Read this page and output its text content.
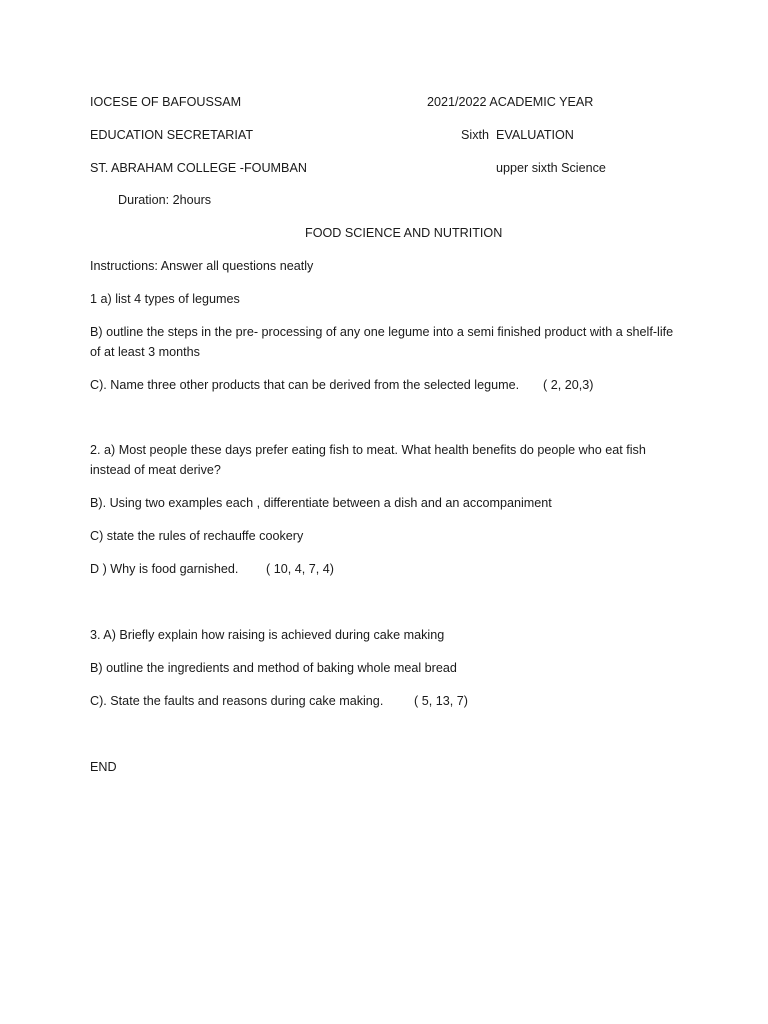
IOCESE OF BAFOUSSAM	2021/2022 ACADEMIC YEAR
EDUCATION SECRETARIAT	Sixth  EVALUATION
ST. ABRAHAM COLLEGE -FOUMBAN	upper sixth Science
Duration: 2hours
FOOD SCIENCE AND NUTRITION
Instructions: Answer all questions neatly
1 a) list 4 types of legumes
B) outline the steps in the pre- processing of any one legume into a semi finished product with a shelf-life of at least 3 months
C). Name three other products that can be derived from the selected legume. ( 2, 20,3)
2. a) Most people these days prefer eating fish to meat. What health benefits do people who eat fish instead of meat derive?
B). Using two examples each , differentiate between a dish and an accompaniment
C) state the rules of rechauffe cookery
D ) Why is food garnished. ( 10, 4, 7, 4)
3. A) Briefly explain how raising is achieved during cake making
B) outline the ingredients and method of baking whole meal bread
C). State the faults and reasons during cake making. ( 5, 13, 7)
END
